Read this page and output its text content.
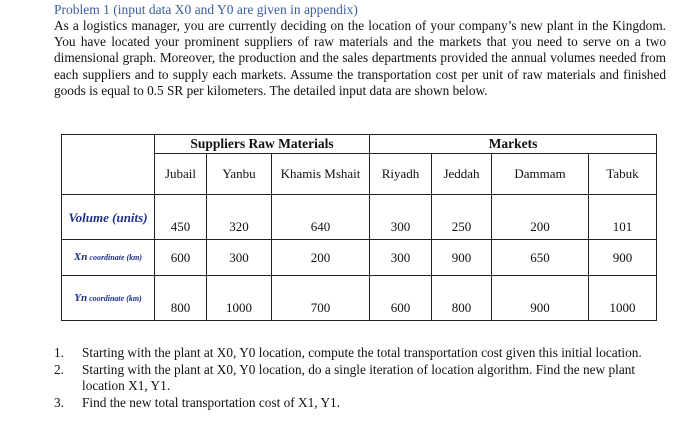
Problem 1 (input data X0 and Y0 are given in appendix)

As a logistics manager, you are currently deciding on the location of your company’s new plant in the Kingdom. You have located your prominent suppliers of raw materials and the markets that you need to serve on a two dimensional graph. Moreover, the production and the sales departments provided the annual volumes needed from each suppliers and to supply each markets. Assume the transportation cost per unit of raw materials and finished goods is equal to 0.5 SR per kilometers. The detailed input data are shown below.

	Suppliers Raw Materials			Markets			
	Jubail	Yanbu	Khamis Mshait	Riyadh	Jeddah	Dammam	Tabuk
Volume (units)	450	320	640	300	250	200	101
Xn coordinate (km)	600	300	200	300	900	650	900
Yn coordinate (km)	800	1000	700	600	800	900	1000
1. Starting with the plant at X0, Y0 location, compute the total transportation cost given this initial location.
2. Starting with the plant at X0, Y0 location, do a single iteration of location algorithm. Find the new plant location X1, Y1.
3. Find the new total transportation cost of X1, Y1.
